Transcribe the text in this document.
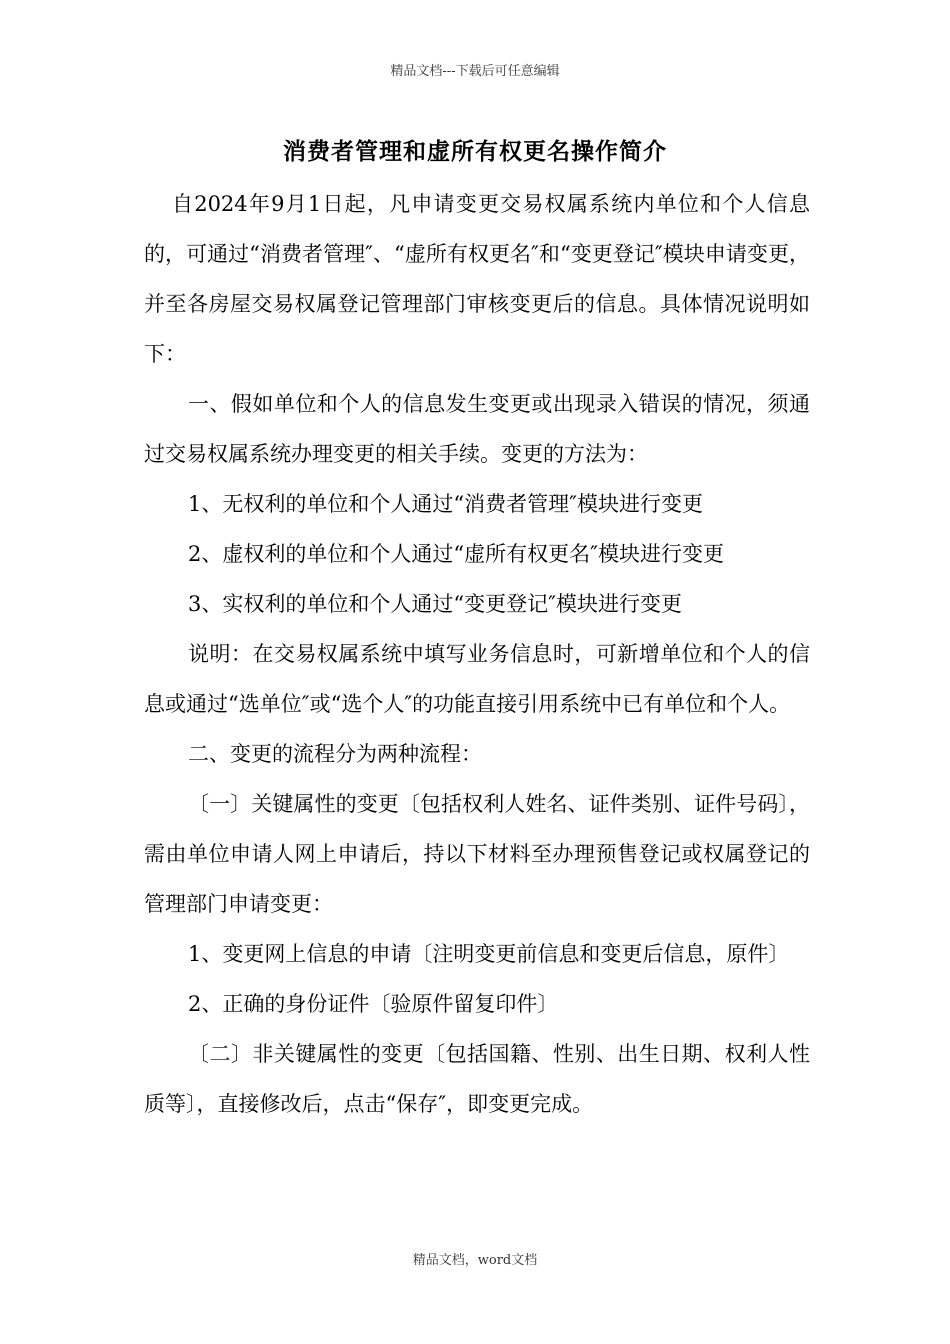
精品文档---下载后可任意编辑
消费者管理和虚所有权更名操作简介

自2024年9月1日起，凡申请变更交易权属系统内单位和个人信息的，可通过“消费者管理″、“虚所有权更名″和“变更登记″模块申请变更，并至各房屋交易权属登记管理部门审核变更后的信息。具体情况说明如下：

一、假如单位和个人的信息发生变更或出现录入错误的情况，须通过交易权属系统办理变更的相关手续。变更的方法为：

1、无权利的单位和个人通过“消费者管理″模块进行变更

2、虚权利的单位和个人通过“虚所有权更名″模块进行变更

3、实权利的单位和个人通过“变更登记″模块进行变更

说明：在交易权属系统中填写业务信息时，可新增单位和个人的信息或通过“选单位″或“选个人″的功能直接引用系统中已有单位和个人。

二、变更的流程分为两种流程：

〔一〕关键属性的变更〔包括权利人姓名、证件类别、证件号码〕，需由单位申请人网上申请后，持以下材料至办理预售登记或权属登记的管理部门申请变更：

1、变更网上信息的申请〔注明变更前信息和变更后信息，原件〕

2、正确的身份证件〔验原件留复印件〕

〔二〕非关键属性的变更〔包括国籍、性别、出生日期、权利人性质等〕，直接修改后，点击“保存″，即变更完成。

精品文档，word文档
